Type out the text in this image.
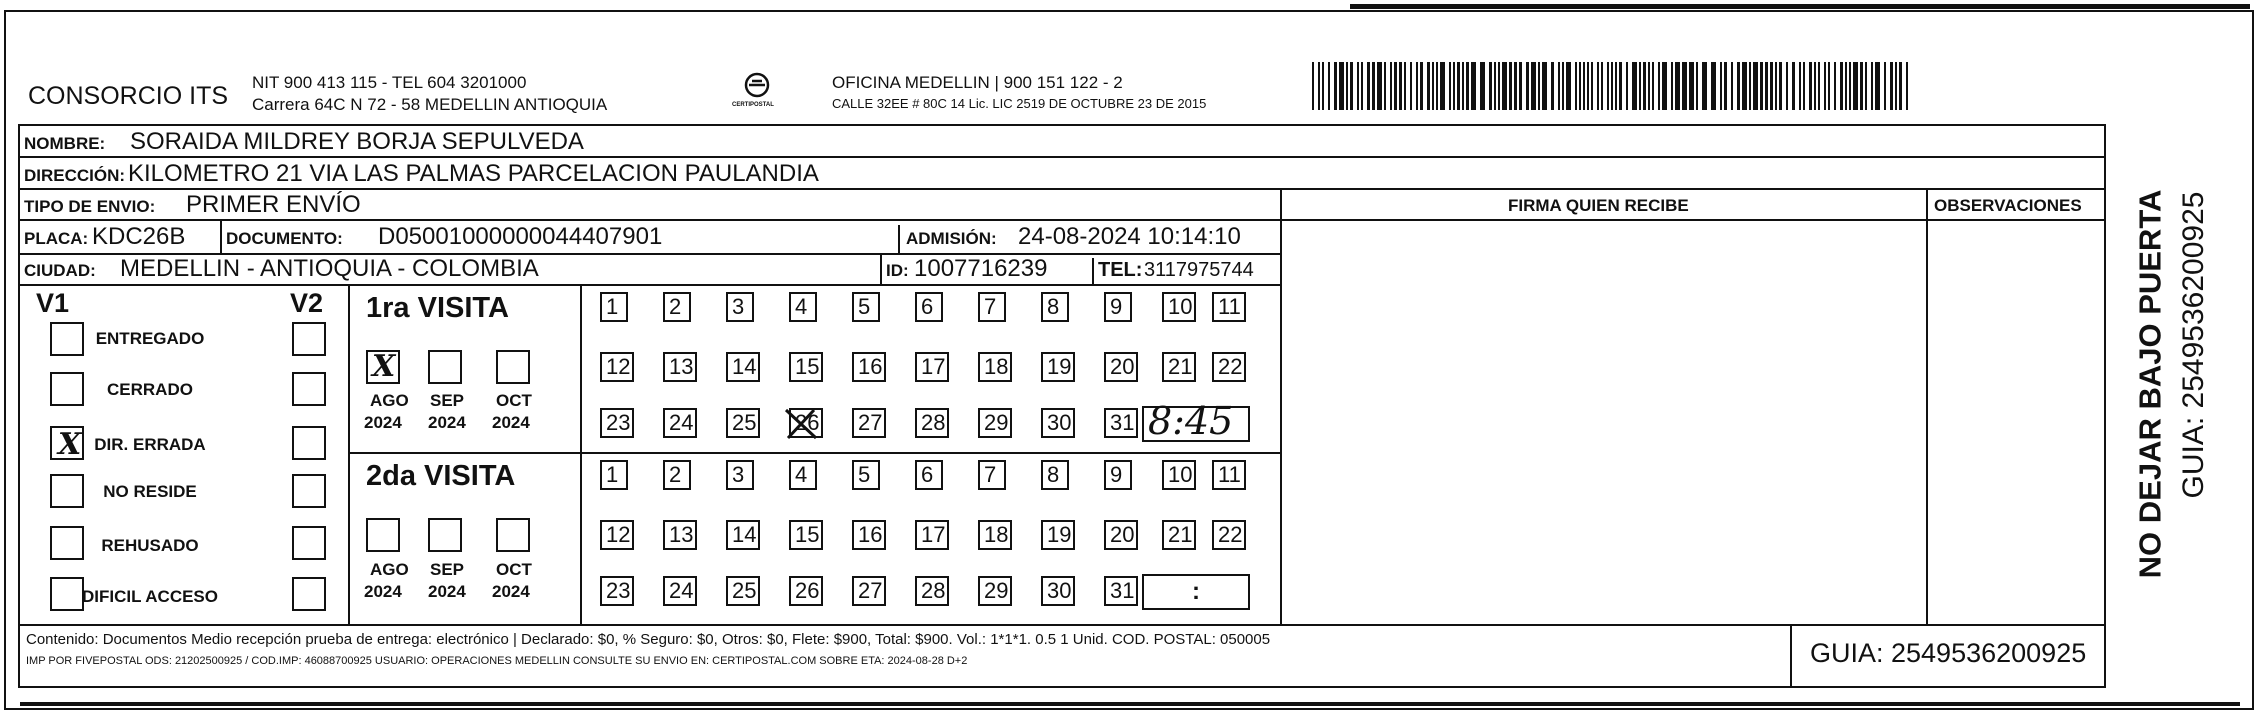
CONSORCIO ITS NIT 900 413 115 - TEL 604 3201000
Carrera 64C N 72 - 58 MEDELLIN ANTIOQUIA	CERTIPOSTAL
OFICINA MEDELLIN | 900 151 122 - 2
CALLE 32EE # 80C 14 Lic. LIC 2519 DE OCTUBRE 23 DE 2015
NOMBRE: SORAIDA MILDREY BORJA SEPULVEDA
DIRECCIÓN: KILOMETRO 21 VIA LAS PALMAS PARCELACION PAULANDIA
TIPO DE ENVIO: PRIMER ENVÍO	FIRMA QUIEN RECIBE	OBSERVACIONES
PLACA: KDC26B DOCUMENTO: D05001000000044407901	ADMISIÓN: 24-08-2024 10:14:10
CIUDAD: MEDELLIN - ANTIOQUIA - COLOMBIA	ID: 1007716239	TEL: 3117975744
V1	V2
ENTREGADO
CERRADO
X DIR. ERRADA
NO RESIDE
REHUSADO
DIFICIL ACCESO
1ra VISITA
2da VISITA
X
AGO SEP OCT
2024 2024 2024
AGO SEP OCT
2024 2024 2024
1	2	3	4	5	6	7	8	9	10 11
12 13 14 15 16 17 18 19 20 21 22
23 24 25 26 27 28 29 30 31
1	2	3	4	5	6	7	8	9	10 11
12 13 14 15 16 17 18 19 20 21 22
23 24 25 26 27 28 29 30 31
8:45
:
Contenido: Documentos Medio recepción prueba de entrega: electrónico | Declarado: $0, % Seguro: $0, Otros: $0, Flete: $900, Total: $900. Vol.: 1*1*1. 0.5 1 Unid. COD. POSTAL: 050005
IMP POR FIVEPOSTAL ODS: 21202500925 / COD.IMP: 46088700925 USUARIO: OPERACIONES MEDELLIN CONSULTE SU ENVIO EN: CERTIPOSTAL.COM SOBRE ETA: 2024-08-28 D+2	GUIA: 2549536200925
NO DEJAR BAJO PUERTA GUIA: 2549536200925
